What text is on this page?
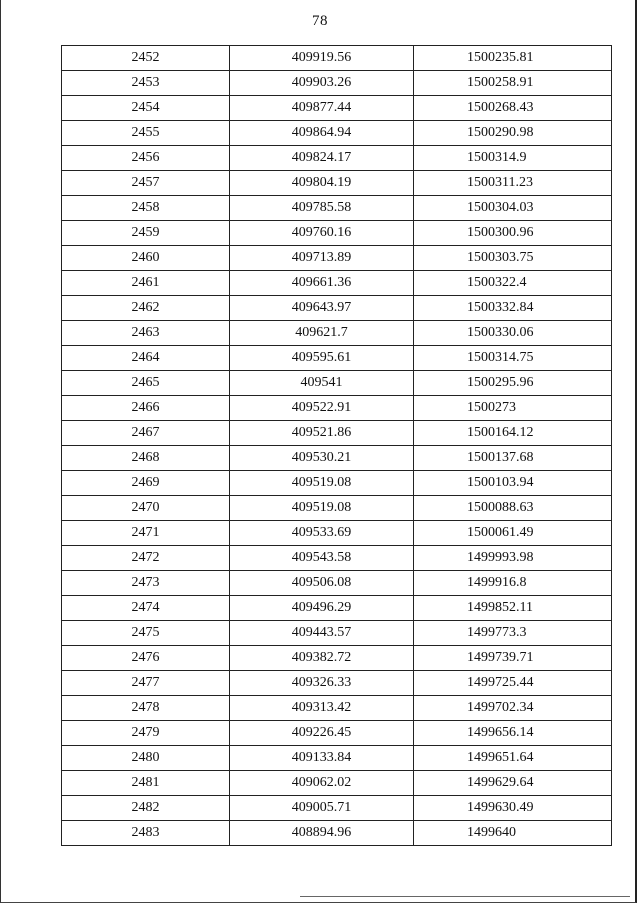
78
2452	409919.56	1500235.81
2453	409903.26	1500258.91
2454	409877.44	1500268.43
2455	409864.94	1500290.98
2456	409824.17	1500314.9
2457	409804.19	1500311.23
2458	409785.58	1500304.03
2459	409760.16	1500300.96
2460	409713.89	1500303.75
2461	409661.36	1500322.4
2462	409643.97	1500332.84
2463	409621.7	1500330.06
2464	409595.61	1500314.75
2465	409541	1500295.96
2466	409522.91	1500273
2467	409521.86	1500164.12
2468	409530.21	1500137.68
2469	409519.08	1500103.94
2470	409519.08	1500088.63
2471	409533.69	1500061.49
2472	409543.58	1499993.98
2473	409506.08	1499916.8
2474	409496.29	1499852.11
2475	409443.57	1499773.3
2476	409382.72	1499739.71
2477	409326.33	1499725.44
2478	409313.42	1499702.34
2479	409226.45	1499656.14
2480	409133.84	1499651.64
2481	409062.02	1499629.64
2482	409005.71	1499630.49
2483	408894.96	1499640
